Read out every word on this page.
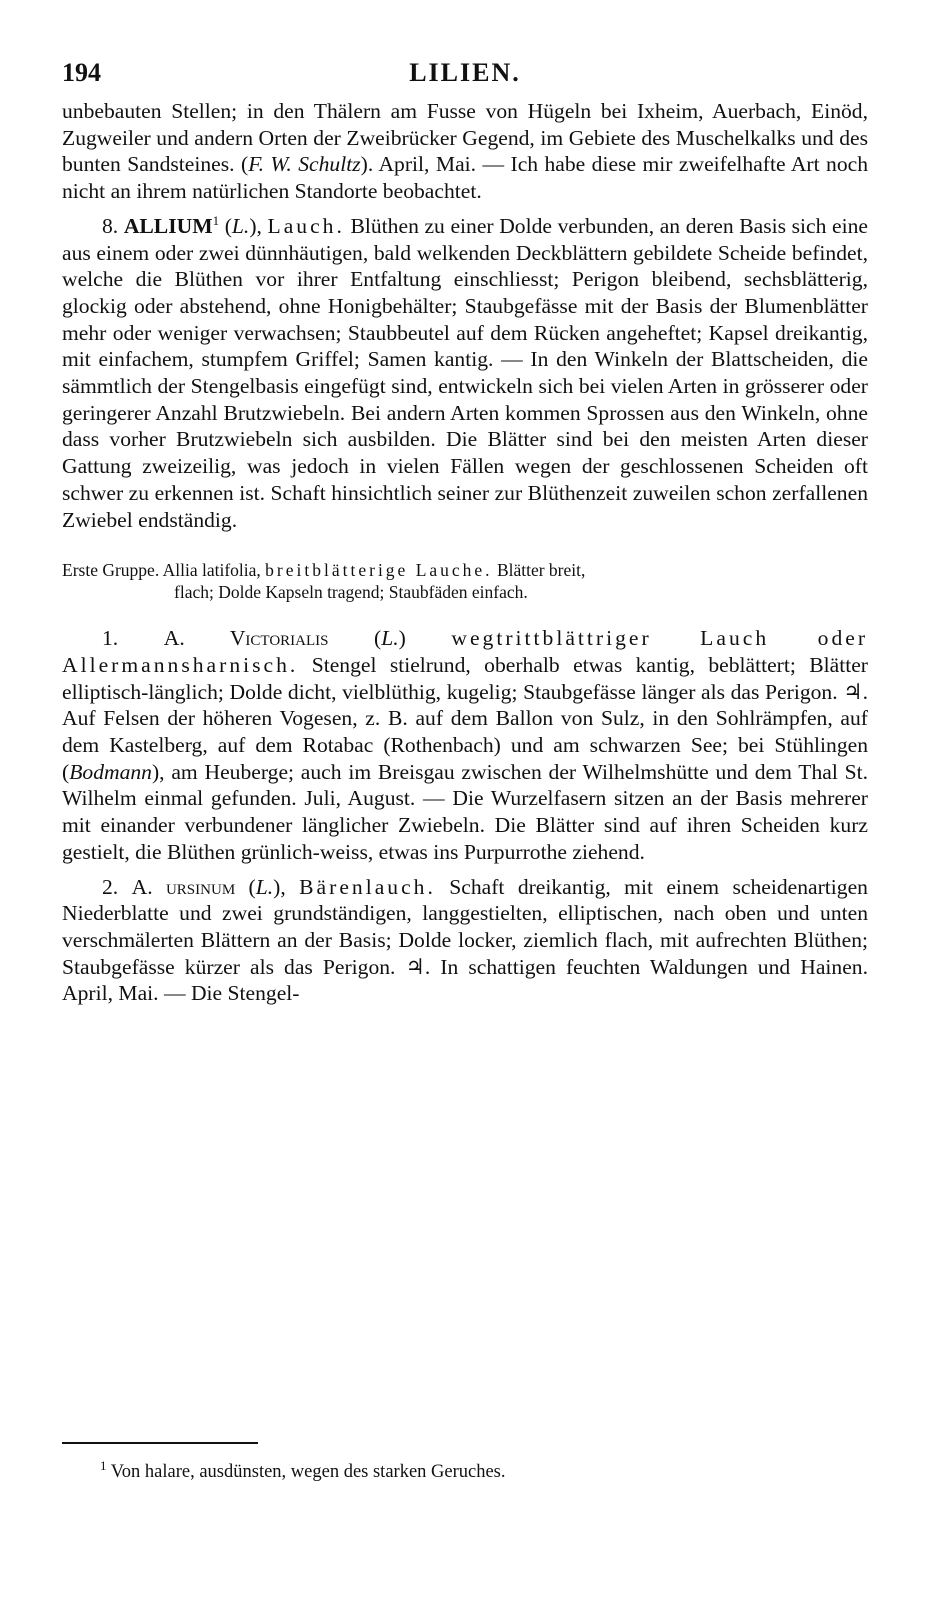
194	LILIEN.

unbebauten Stellen; in den Thälern am Fusse von Hügeln bei Ixheim, Auerbach, Einöd, Zugweiler und andern Orten der Zweibrücker Gegend, im Gebiete des Muschelkalks und des bunten Sandsteines. (F. W. Schultz). April, Mai. — Ich habe diese mir zweifelhafte Art noch nicht an ihrem natürlichen Standorte beobachtet.

8. ALLIUM$^1$ (L.), Lauch. Blüthen zu einer Dolde verbunden, an deren Basis sich eine aus einem oder zwei dünnhäutigen, bald welkenden Deckblättern gebildete Scheide befindet, welche die Blüthen vor ihrer Entfaltung einschliesst; Perigon bleibend, sechsblätterig, glockig oder abstehend, ohne Honigbehälter; Staubgefässe mit der Basis der Blumenblätter mehr oder weniger verwachsen; Staubbeutel auf dem Rücken angeheftet; Kapsel dreikantig, mit einfachem, stumpfem Griffel; Samen kantig. — In den Winkeln der Blattscheiden, die sämmtlich der Stengelbasis eingefügt sind, entwickeln sich bei vielen Arten in grösserer oder geringerer Anzahl Brutzwiebeln. Bei andern Arten kommen Sprossen aus den Winkeln, ohne dass vorher Brutzwiebeln sich ausbilden. Die Blätter sind bei den meisten Arten dieser Gattung zweizeilig, was jedoch in vielen Fällen wegen der geschlossenen Scheiden oft schwer zu erkennen ist. Schaft hinsichtlich seiner zur Blüthenzeit zuweilen schon zerfallenen Zwiebel endständig.

Erste Gruppe. Allia latifolia, breitblätterige Lauche. Blätter breit,
flach; Dolde Kapseln tragend; Staubfäden einfach.

1. A. Victorialis (L.) wegtrittblättriger Lauch oder Allermannsharnisch. Stengel stielrund, oberhalb etwas kantig, beblättert; Blätter elliptisch-länglich; Dolde dicht, vielblüthig, kugelig; Staubgefässe länger als das Perigon. ♃. Auf Felsen der höheren Vogesen, z. B. auf dem Ballon von Sulz, in den Sohlrämpfen, auf dem Kastelberg, auf dem Rotabac (Rothenbach) und am schwarzen See; bei Stühlingen (Bodmann), am Heuberge; auch im Breisgau zwischen der Wilhelmshütte und dem Thal St. Wilhelm einmal gefunden. Juli, August. — Die Wurzelfasern sitzen an der Basis mehrerer mit einander verbundener länglicher Zwiebeln. Die Blätter sind auf ihren Scheiden kurz gestielt, die Blüthen grünlich-weiss, etwas ins Purpurrothe ziehend.

2. A. ursinum (L.), Bärenlauch. Schaft dreikantig, mit einem scheidenartigen Niederblatte und zwei grundständigen, langgestielten, elliptischen, nach oben und unten verschmälerten Blättern an der Basis; Dolde locker, ziemlich flach, mit aufrechten Blüthen; Staubgefässe kürzer als das Perigon. ♃. In schattigen feuchten Waldungen und Hainen. April, Mai. — Die Stengel-

$^1$ Von halare, ausdünsten, wegen des starken Geruches.
